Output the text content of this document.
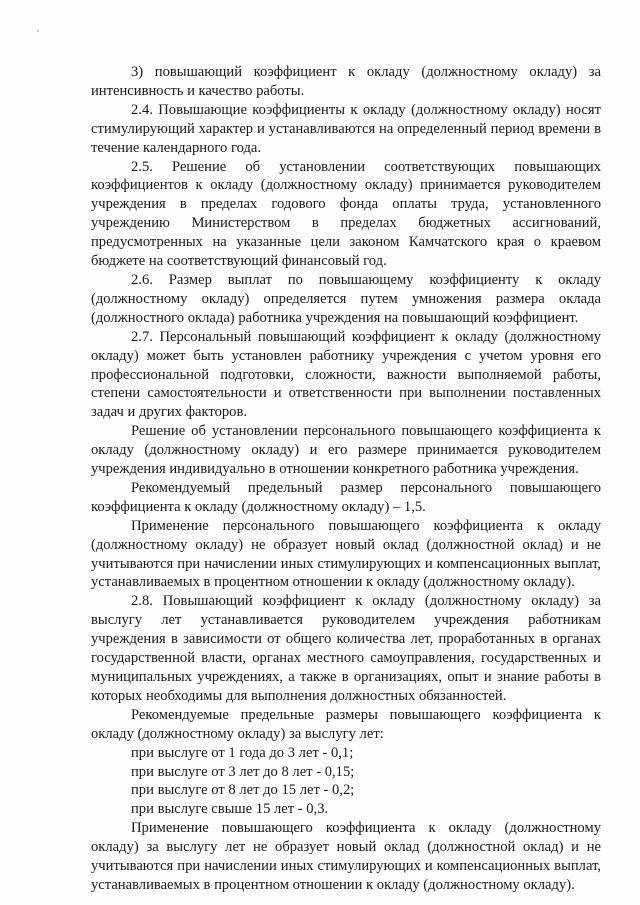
3) повышающий коэффициент к окладу (должностному окладу) за интенсивность и качество работы.

2.4. Повышающие коэффициенты к окладу (должностному окладу) носят стимулирующий характер и устанавливаются на определенный период времени в течение календарного года.

2.5. Решение об установлении соответствующих повышающих коэффициентов к окладу (должностному окладу) принимается руководителем учреждения в пределах годового фонда оплаты труда, установленного учреждению Министерством в пределах бюджетных ассигнований, предусмотренных на указанные цели законом Камчатского края о краевом бюджете на соответствующий финансовый год.

2.6. Размер выплат по повышающему коэффициенту к окладу (должностному окладу) определяется путем умножения размера оклада (должностного оклада) работника учреждения на повышающий коэффициент.

2.7. Персональный повышающий коэффициент к окладу (должностному окладу) может быть установлен работнику учреждения с учетом уровня его профессиональной подготовки, сложности, важности выполняемой работы, степени самостоятельности и ответственности при выполнении поставленных задач и других факторов.

Решение об установлении персонального повышающего коэффициента к окладу (должностному окладу) и его размере принимается руководителем учреждения индивидуально в отношении конкретного работника учреждения.

Рекомендуемый предельный размер персонального повышающего коэффициента к окладу (должностному окладу) – 1,5.

Применение персонального повышающего коэффициента к окладу (должностному окладу) не образует новый оклад (должностной оклад) и не учитываются при начислении иных стимулирующих и компенсационных выплат, устанавливаемых в процентном отношении к окладу (должностному окладу).

2.8. Повышающий коэффициент к окладу (должностному окладу) за выслугу лет устанавливается руководителем учреждения работникам учреждения в зависимости от общего количества лет, проработанных в органах государственной власти, органах местного самоуправления, государственных и муниципальных учреждениях, а также в организациях, опыт и знание работы в которых необходимы для выполнения должностных обязанностей.

Рекомендуемые предельные размеры повышающего коэффициента к окладу (должностному окладу) за выслугу лет:

при выслуге от 1 года до 3 лет - 0,1;

при выслуге от 3 лет до 8 лет - 0,15;

при выслуге от 8 лет до 15 лет - 0,2;

при выслуге свыше 15 лет - 0,3.

Применение повышающего коэффициента к окладу (должностному окладу) за выслугу лет не образует новый оклад (должностной оклад) и не учитываются при начислении иных стимулирующих и компенсационных выплат, устанавливаемых в процентном отношении к окладу (должностному окладу).
